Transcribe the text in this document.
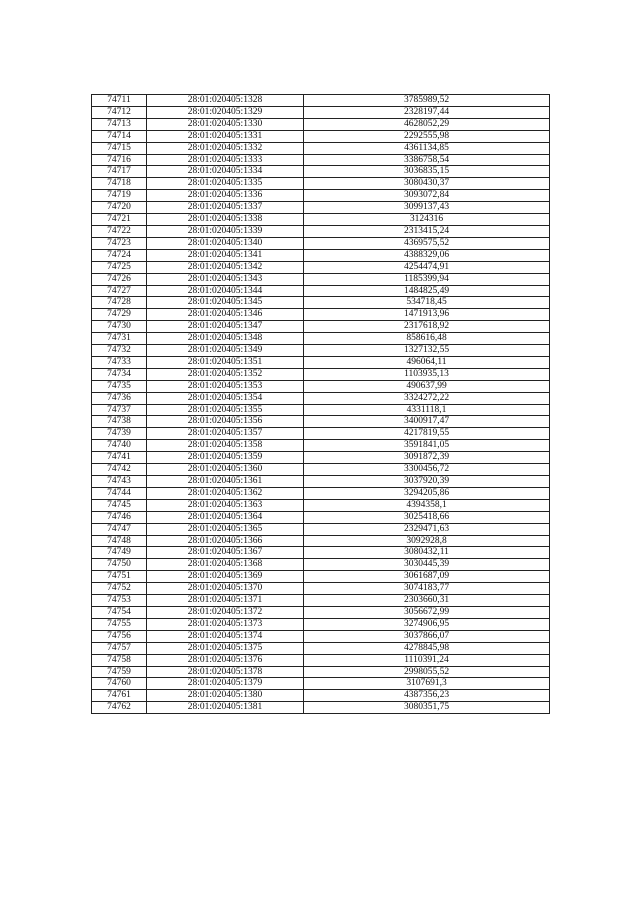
74711	28:01:020405:1328	3785989,52
74712	28:01:020405:1329	2328197,44
74713	28:01:020405:1330	4628052,29
74714	28:01:020405:1331	2292555,98
74715	28:01:020405:1332	4361134,85
74716	28:01:020405:1333	3386758,54
74717	28:01:020405:1334	3036835,15
74718	28:01:020405:1335	3080430,37
74719	28:01:020405:1336	3093072,84
74720	28:01:020405:1337	3099137,43
74721	28:01:020405:1338	3124316
74722	28:01:020405:1339	2313415,24
74723	28:01:020405:1340	4369575,52
74724	28:01:020405:1341	4388329,06
74725	28:01:020405:1342	4254474,91
74726	28:01:020405:1343	1185399,94
74727	28:01:020405:1344	1484825,49
74728	28:01:020405:1345	534718,45
74729	28:01:020405:1346	1471913,96
74730	28:01:020405:1347	2317618,92
74731	28:01:020405:1348	858616,48
74732	28:01:020405:1349	1327132,55
74733	28:01:020405:1351	496064,11
74734	28:01:020405:1352	1103935,13
74735	28:01:020405:1353	490637,99
74736	28:01:020405:1354	3324272,22
74737	28:01:020405:1355	4331118,1
74738	28:01:020405:1356	3400917,47
74739	28:01:020405:1357	4217819,55
74740	28:01:020405:1358	3591841,05
74741	28:01:020405:1359	3091872,39
74742	28:01:020405:1360	3300456,72
74743	28:01:020405:1361	3037920,39
74744	28:01:020405:1362	3294205,86
74745	28:01:020405:1363	4394358,1
74746	28:01:020405:1364	3025418,66
74747	28:01:020405:1365	2329471,63
74748	28:01:020405:1366	3092928,8
74749	28:01:020405:1367	3080432,11
74750	28:01:020405:1368	3030445,39
74751	28:01:020405:1369	3061687,09
74752	28:01:020405:1370	3074183,77
74753	28:01:020405:1371	2303660,31
74754	28:01:020405:1372	3056672,99
74755	28:01:020405:1373	3274906,95
74756	28:01:020405:1374	3037866,07
74757	28:01:020405:1375	4278845,98
74758	28:01:020405:1376	1110391,24
74759	28:01:020405:1378	2998055,52
74760	28:01:020405:1379	3107691,3
74761	28:01:020405:1380	4387356,23
74762	28:01:020405:1381	3080351,75
